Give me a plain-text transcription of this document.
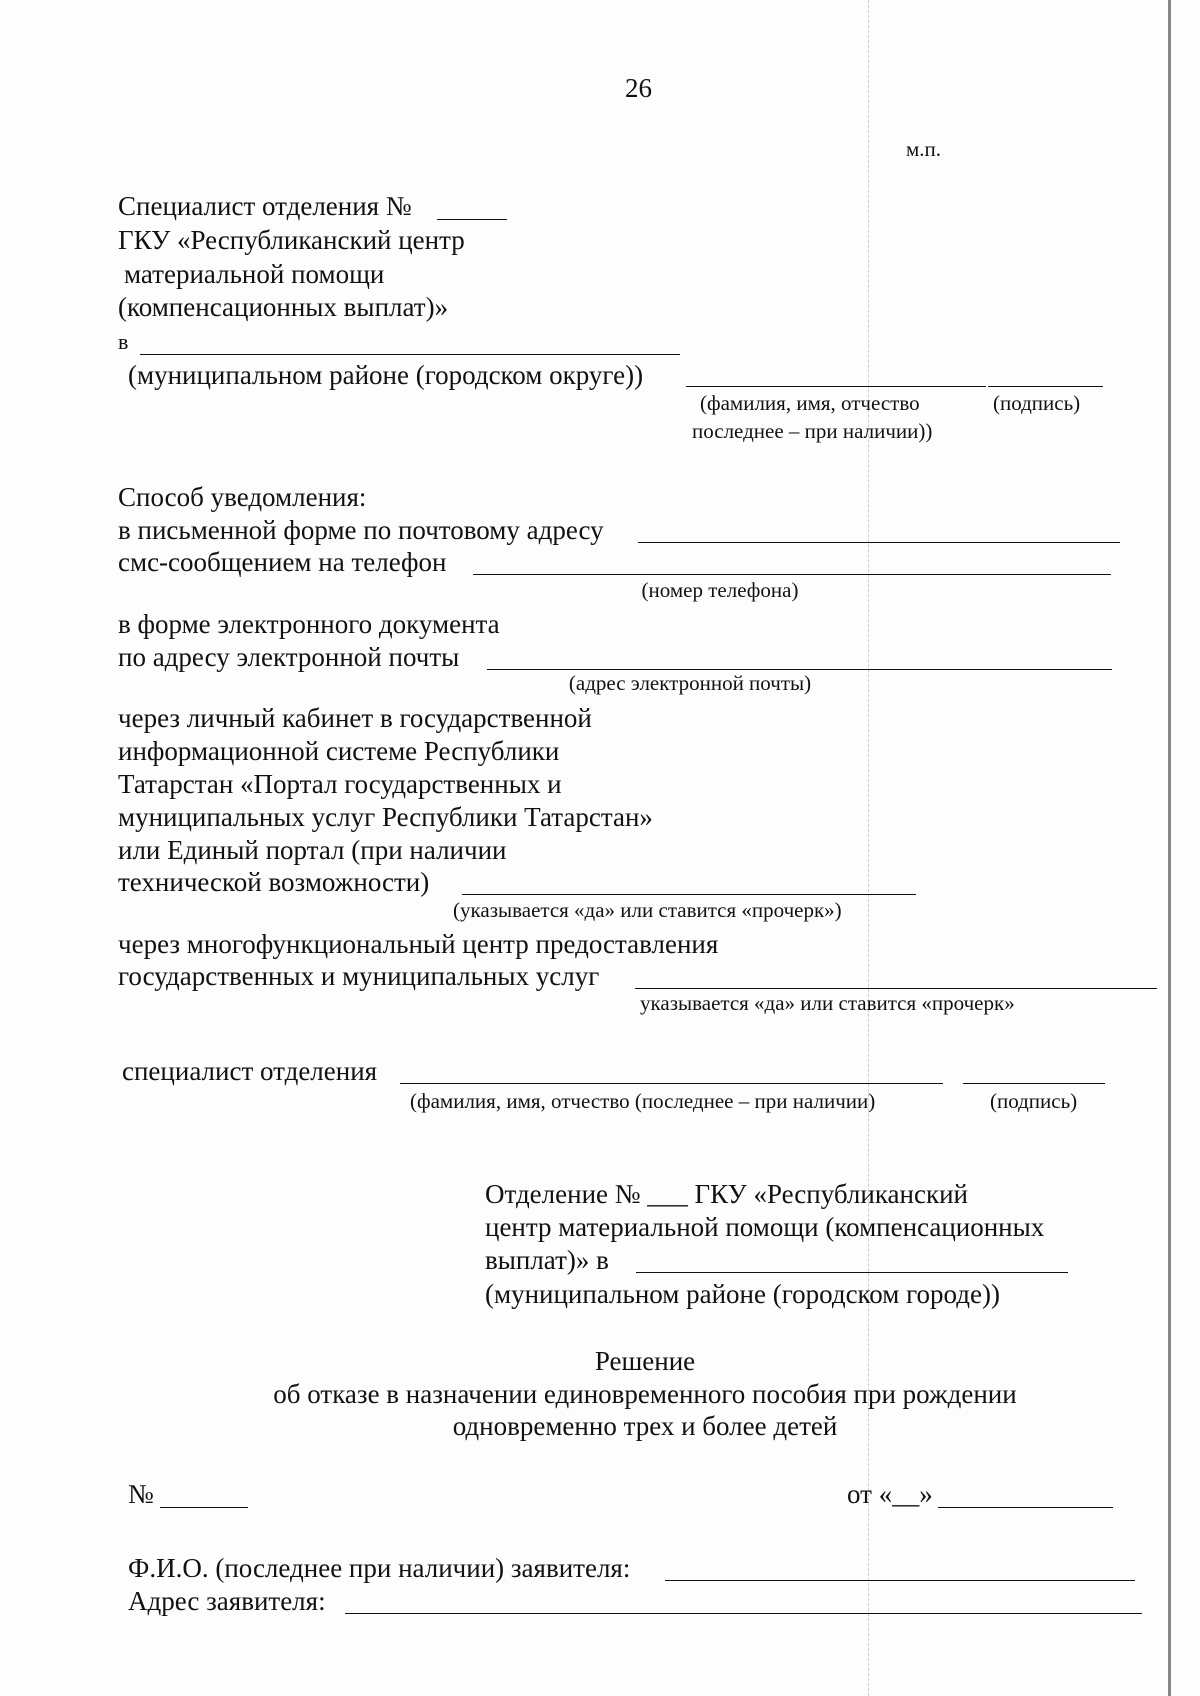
26
м.п.
Специалист отделения №
ГКУ «Республиканский центр
материальной помощи
(компенсационных выплат)»
в
(муниципальном районе (городском округе))
(фамилия, имя, отчество	(подпись)
последнее – при наличии))
Способ уведомления:
в письменной форме по почтовому адресу
смс-сообщением на телефон
(номер телефона)
в форме электронного документа
по адресу электронной почты
(адрес электронной почты)
через личный кабинет в государственной
информационной системе Республики
Татарстан «Портал государственных и
муниципальных услуг Республики Татарстан»
или Единый портал (при наличии
технической возможности)
(указывается «да» или ставится «прочерк»)
через многофункциональный центр предоставления
государственных и муниципальных услуг
указывается «да» или ставится «прочерк»
специалист отделения
(фамилия, имя, отчество (последнее – при наличии)	(подпись)
Отделение № ___ ГКУ «Республиканский
центр материальной помощи (компенсационных
выплат)» в
(муниципальном районе (городском городе))
Решение
об отказе в назначении единовременного пособия при рождении
одновременно трех и более детей
№	от «__»
Ф.И.О. (последнее при наличии) заявителя:
Адрес заявителя:
